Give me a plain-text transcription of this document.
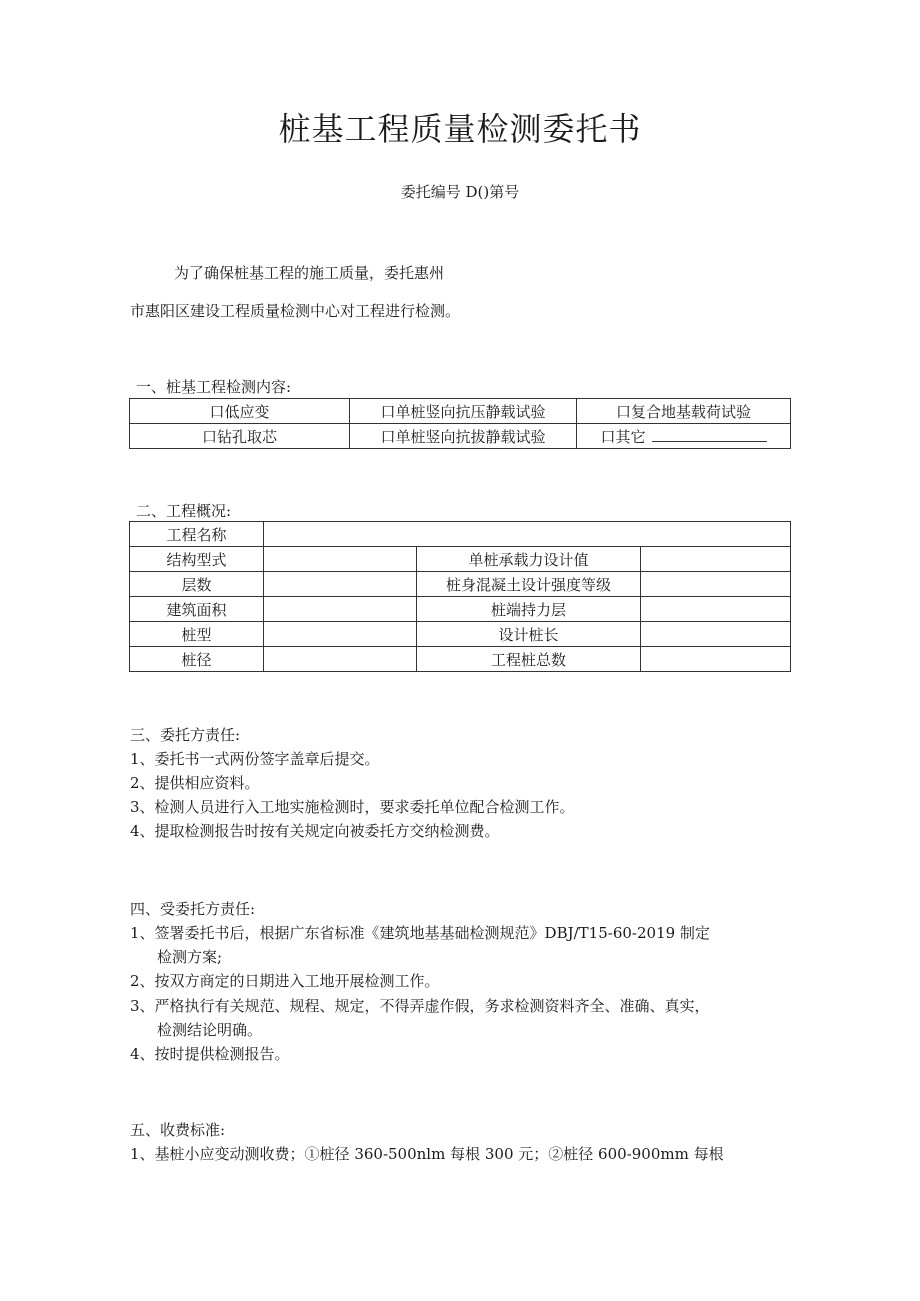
桩基工程质量检测委托书
委托编号 D()第号
为了确保桩基工程的施工质量，委托惠州
市惠阳区建设工程质量检测中心对工程进行检测。
一、桩基工程检测内容:
口低应变	口单桩竖向抗压静载试验	口复合地基载荷试验
口钻孔取芯	口单桩竖向抗拔静载试验	口其它
二、工程概况:
工程名称			
结构型式		单桩承载力设计值	
层数		桩身混凝土设计强度等级	
建筑面积		桩端持力层	
桩型		设计桩长	
桩径		工程桩总数	
三、委托方责任:
1、委托书一式两份签字盖章后提交。
2、提供相应资料。
3、检测人员进行入工地实施检测时，要求委托单位配合检测工作。
4、提取检测报告时按有关规定向被委托方交纳检测费。
四、受委托方责任:
1、签署委托书后，根据广东省标准《建筑地基基础检测规范》DBJ/T15-60-2019 制定
检测方案;
2、按双方商定的日期进入工地开展检测工作。
3、严格执行有关规范、规程、规定，不得弄虚作假，务求检测资料齐全、准确、真实，
检测结论明确。
4、按时提供检测报告。
五、收费标准:
1、基桩小应变动测收费；①桩径 360-500nlm 每根 300 元；②桩径 600-900mm 每根
